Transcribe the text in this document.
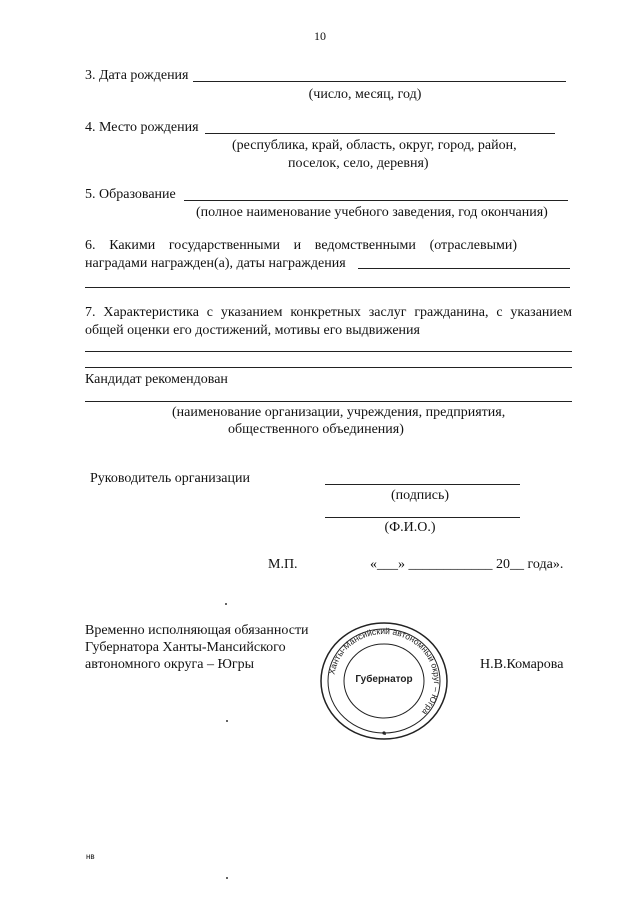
10
3. Дата рождения
(число, месяц, год)
4. Место рождения
(республика, край, область, округ, город, район,
поселок, село, деревня)
5. Образование
(полное наименование учебного заведения, год окончания)
6. Какими государственными и ведомственными (отраслевыми)
наградами награжден(а), даты награждения
7. Характеристика с указанием конкретных заслуг гражданина, с указанием
общей оценки его достижений, мотивы его выдвижения
Кандидат рекомендован
(наименование организации, учреждения, предприятия,
общественного объединения)
Руководитель организации
(подпись)
(Ф.И.О.)
М.П.	«___» ____________ 20__ года».
Временно исполняющая обязанности
Губернатора Ханты-Мансийского
автономного округа – Югры	Н.В.Комарова
Ханты-Мансийский автономный округ – Югра
Губернатор
нв
